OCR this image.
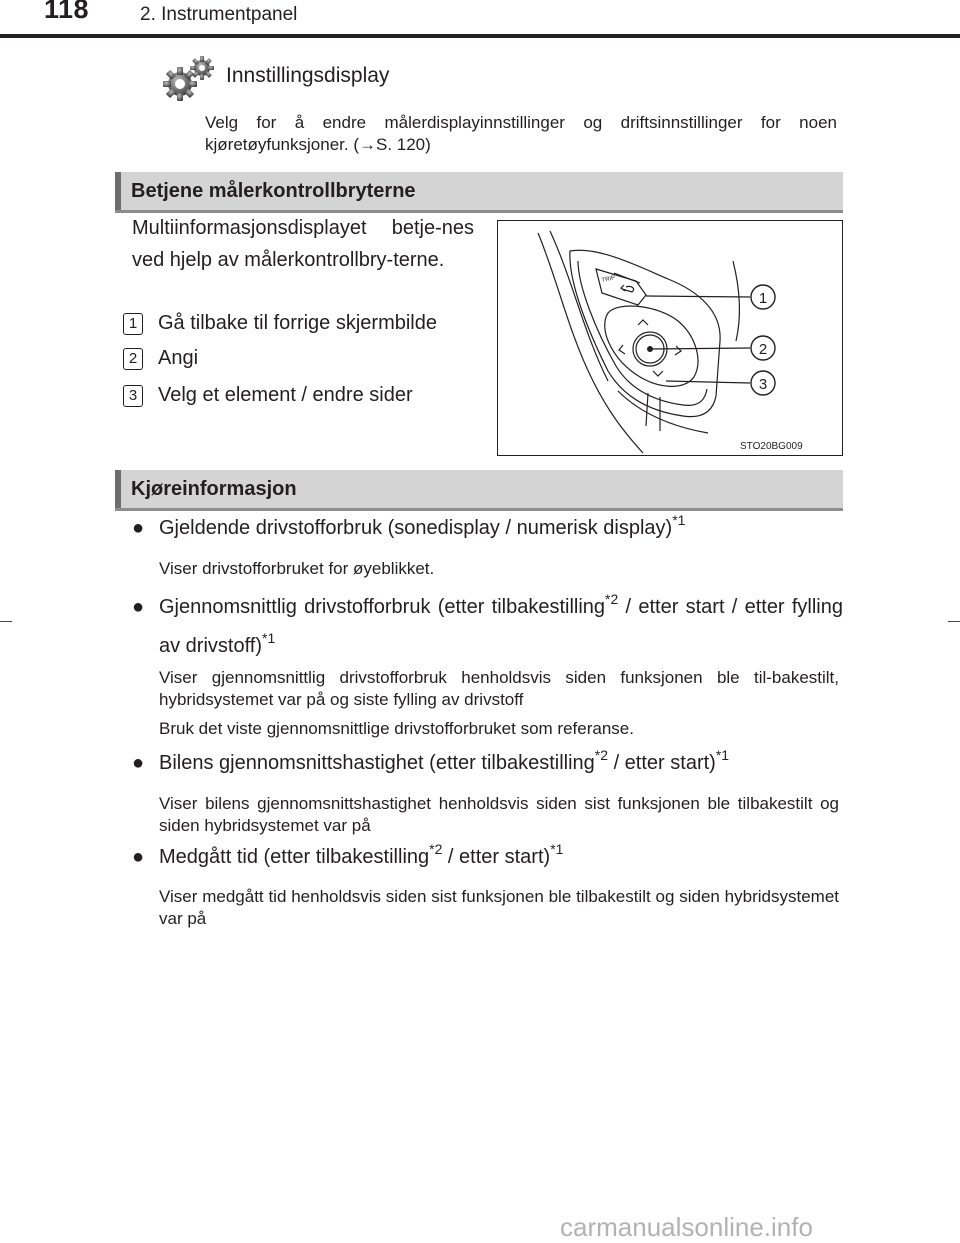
118	2. Instrumentpanel
Innstillingsdisplay
Velg for å endre målerdisplayinnstillinger og driftsinnstillinger for noen kjøretøyfunksjoner. (→S. 120)
Betjene målerkontrollbryterne
Multiinformasjonsdisplayet betje-nes ved hjelp av målerkontrollbry-terne.
1 Gå tilbake til forrige skjermbilde
2 Angi
3 Velg et element / endre sider
TRIP
1
2
3
STO20BG009
Kjøreinformasjon
● Gjeldende drivstofforbruk (sonedisplay / numerisk display)$^{*1}$
Viser drivstofforbruket for øyeblikket.
● Gjennomsnittlig drivstofforbruk (etter tilbakestilling$^{*2}$ / etter start / etter fylling av drivstoff)$^{*1}$
Viser gjennomsnittlig drivstofforbruk henholdsvis siden funksjonen ble til-bakestilt, hybridsystemet var på og siste fylling av drivstoff
Bruk det viste gjennomsnittlige drivstofforbruket som referanse.
● Bilens gjennomsnittshastighet (etter tilbakestilling$^{*2}$ / etter start)$^{*1}$
Viser bilens gjennomsnittshastighet henholdsvis siden sist funksjonen ble tilbakestilt og siden hybridsystemet var på
● Medgått tid (etter tilbakestilling$^{*2}$ / etter start)$^{*1}$
Viser medgått tid henholdsvis siden sist funksjonen ble tilbakestilt og siden hybridsystemet var på
carmanualsonline.info
